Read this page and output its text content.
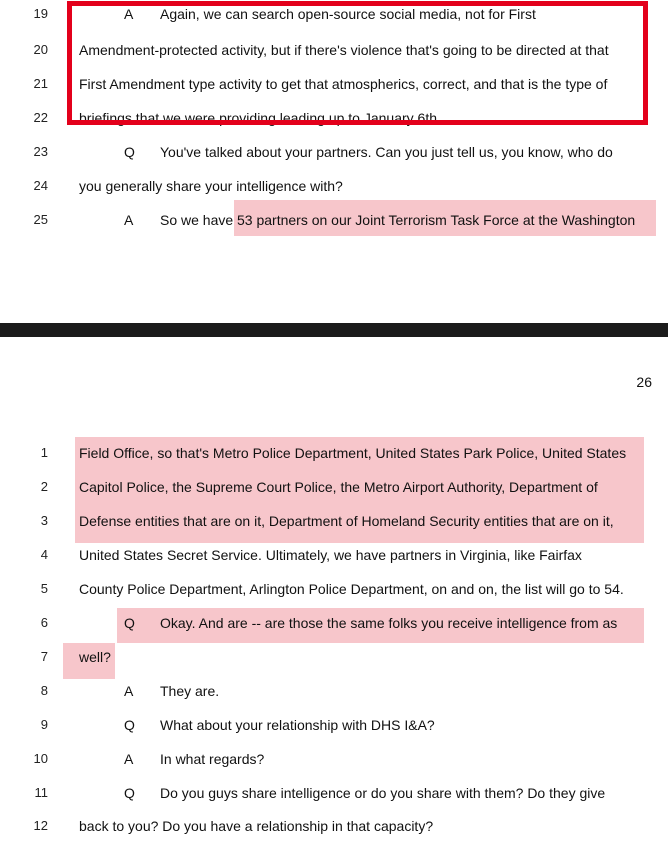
19	A Again, we can search open-source social media, not for First
20 Amendment-protected activity, but if there's violence that's going to be directed at that
21 First Amendment type activity to get that atmospherics, correct, and that is the type of
22 briefings that we were providing leading up to January 6th.
23	Q You've talked about your partners. Can you just tell us, you know, who do
24 you generally share your intelligence with?
25	A So we have 53 partners on our Joint Terrorism Task Force at the Washington
26
1 Field Office, so that's Metro Police Department, United States Park Police, United States
2 Capitol Police, the Supreme Court Police, the Metro Airport Authority, Department of
3 Defense entities that are on it, Department of Homeland Security entities that are on it,
4 United States Secret Service. Ultimately, we have partners in Virginia, like Fairfax
5 County Police Department, Arlington Police Department, on and on, the list will go to 54.
6	Q Okay. And are -- are those the same folks you receive intelligence from as
7 well?
8	A They are.
9	Q What about your relationship with DHS I&A?
10	A In what regards?
11	Q Do you guys share intelligence or do you share with them? Do they give
12 back to you? Do you have a relationship in that capacity?
